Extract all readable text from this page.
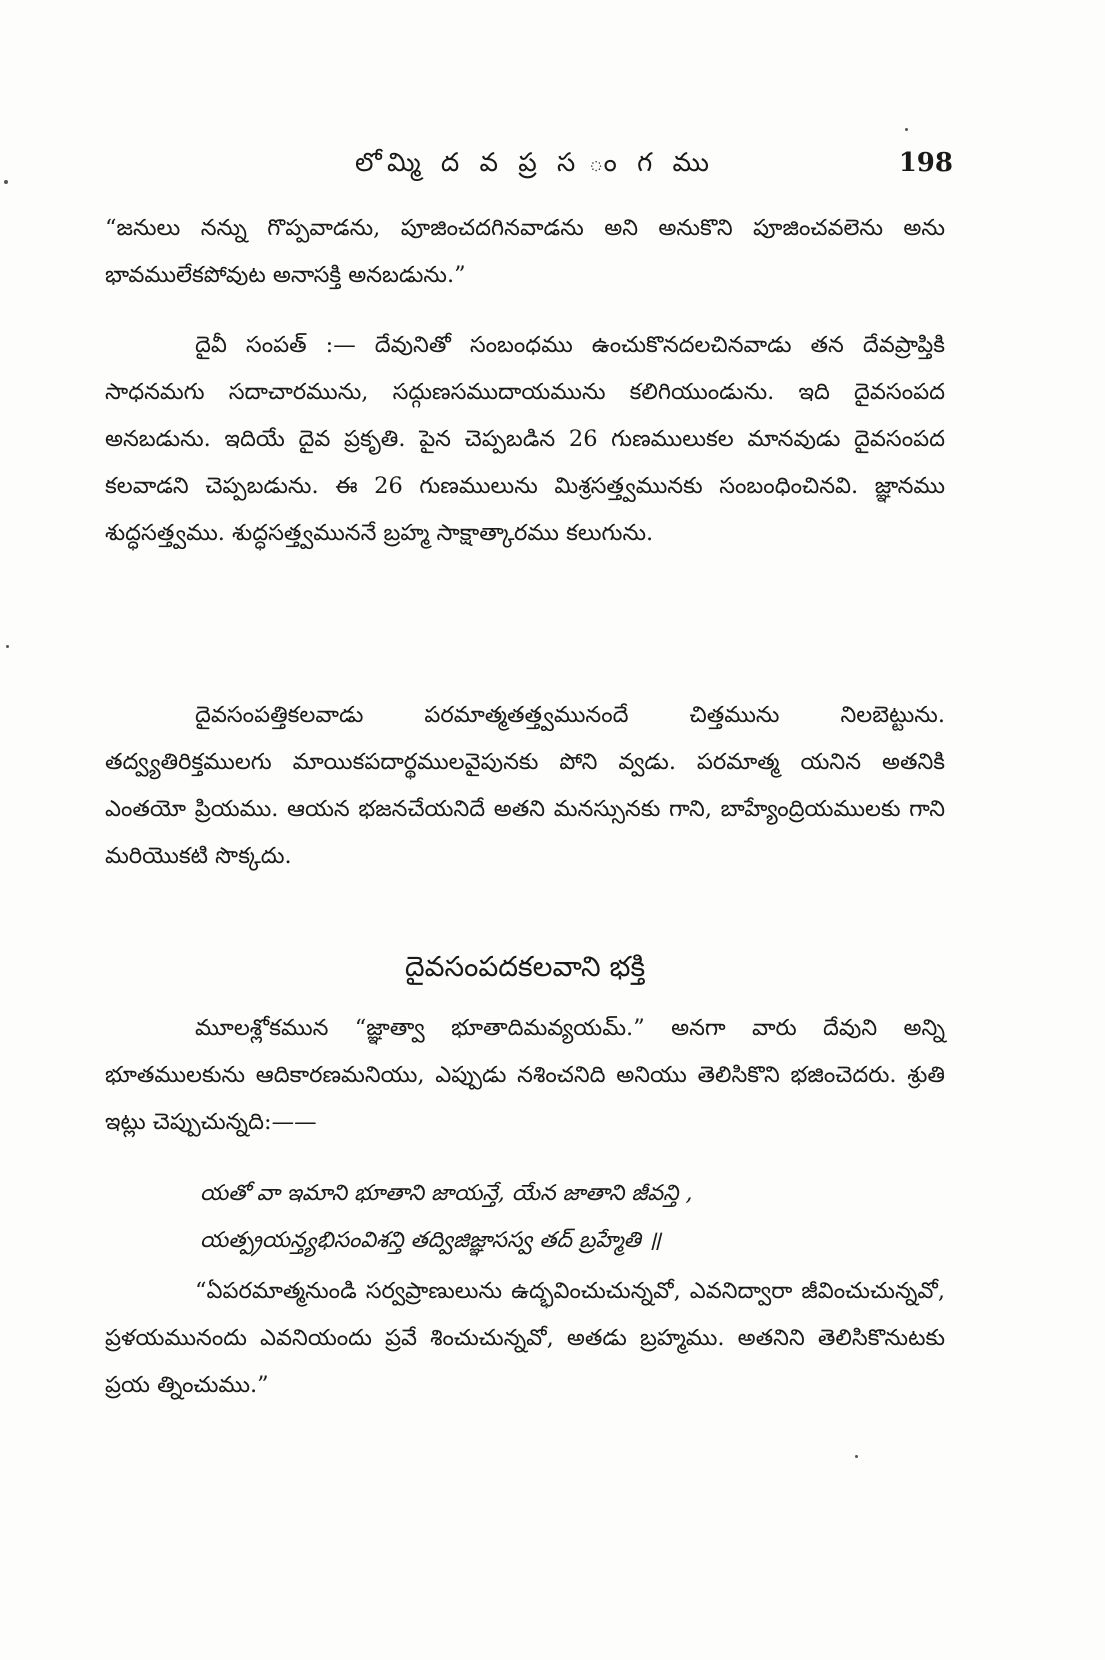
లోమ్మి ద వ ప్ర స ం గ ము	198

“జనులు నన్ను గొప్పవాడను, పూజించదగినవాడను అని అనుకొని పూజించవలెను అను భావములేకపోవుట అనాసక్తి అనబడును.”

దైవీ సంపత్ :— దేవునితో సంబంధము ఉంచుకొనదలచినవాడు తన దేవప్రాప్తికి సాధనమగు సదాచారమును, సద్గుణసముదాయమును కలిగియుండును. ఇది దైవసంపద అనబడును. ఇదియే దైవ ప్రకృతి. పైన చెప్పబడిన 26 గుణములుకల మానవుడు దైవసంపద కలవాడని చెప్పబడును. ఈ 26 గుణములును మిశ్రసత్త్వమునకు సంబంధించినవి. జ్ఞానము శుద్ధసత్త్వము. శుద్ధసత్త్వముననే బ్రహ్మ సాక్షాత్కారము కలుగును.

దైవసంపత్తికలవాడు పరమాత్మతత్త్వమునందే చిత్తమును నిలబెట్టును. తద్వ్యతిరిక్తములగు మాయికపదార్థములవైపునకు పోని వ్వడు. పరమాత్మ యనిన అతనికి ఎంతయో ప్రియము. ఆయన భజనచేయనిదే అతని మనస్సునకు గాని, బాహ్యేంద్రియములకు గాని మరియొకటి సొక్కదు.

దైవసంపదకలవాని భక్తి

మూలశ్లోకమున “జ్ఞాత్వా భూతాదిమవ్యయమ్.” అనగా వారు దేవుని అన్ని భూతములకును ఆదికారణమనియు, ఎప్పుడు నశించనిది అనియు తెలిసికొని భజించెదరు. శ్రుతి ఇట్లు చెప్పుచున్నది:——

యతో వా ఇమాని భూతాని జాయన్తే, యేన జాతాని జీవన్తి ,
యత్ప్రయన్త్యభిసంవిశన్తి తద్విజిజ్ఞాసస్వ తద్ బ్రహ్మేతి ॥

“ఏపరమాత్మనుండి సర్వప్రాణులును ఉద్భవించుచున్నవో, ఎవనిద్వారా జీవించుచున్నవో, ప్రళయమునందు ఎవనియందు ప్రవే శించుచున్నవో, అతడు బ్రహ్మము. అతనిని తెలిసికొనుటకు ప్రయ త్నించుము.”
